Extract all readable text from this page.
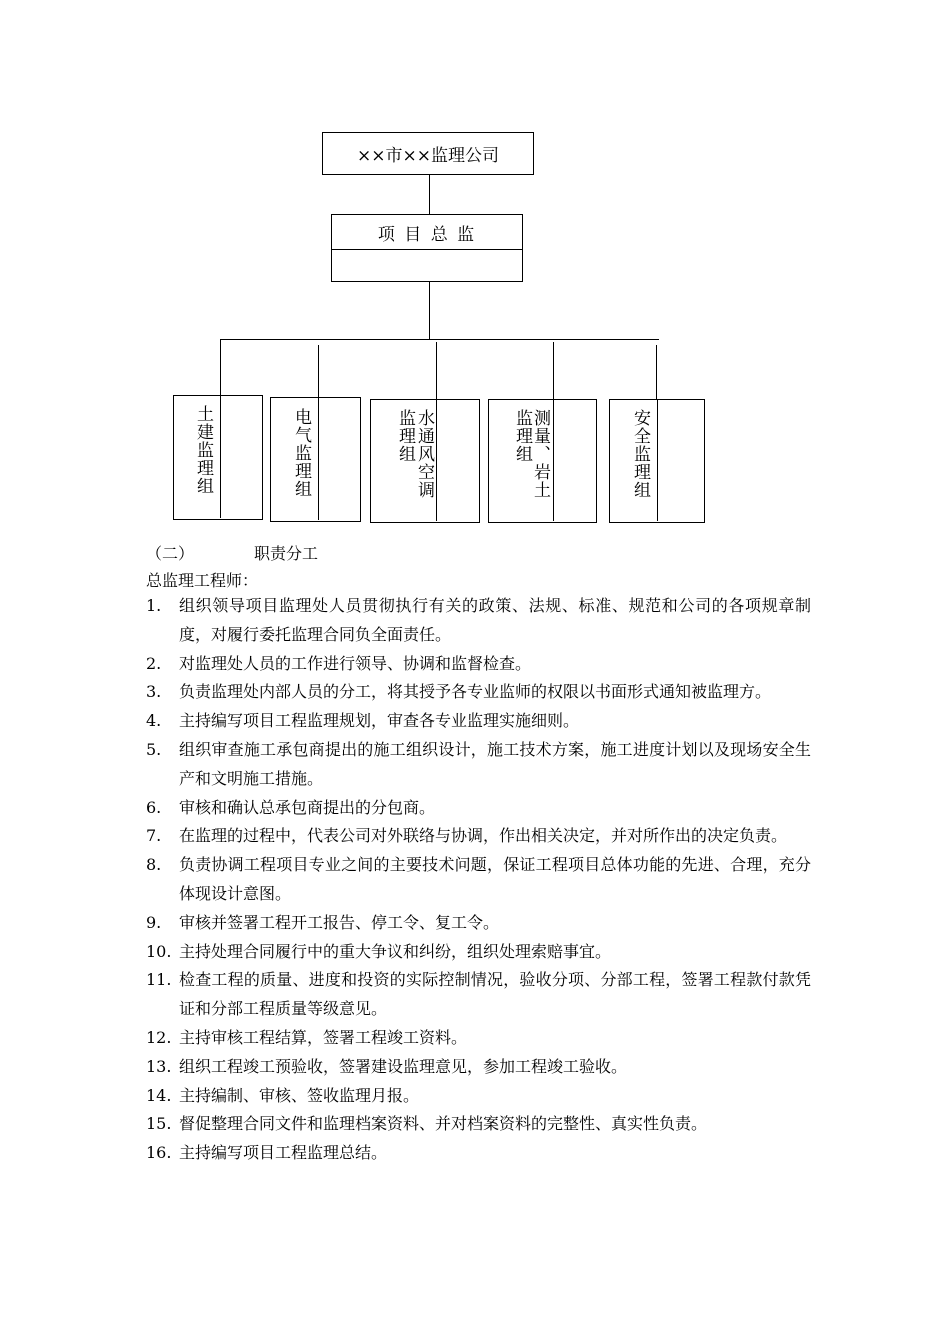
××市××监理公司
项 目 总 监
土建监理组	电气监理组	监理组 水通风空调	监理组
测量、岩土	安全监理组
（二）	职责分工
总监理工程师：
1. 组织领导项目监理处人员贯彻执行有关的政策、法规、标准、规范和公司的各项规章制度，对履行委托监理合同负全面责任。
2. 对监理处人员的工作进行领导、协调和监督检查。
3. 负责监理处内部人员的分工，将其授予各专业监师的权限以书面形式通知被监理方。
4. 主持编写项目工程监理规划，审查各专业监理实施细则。
5. 组织审查施工承包商提出的施工组织设计，施工技术方案，施工进度计划以及现场安全生产和文明施工措施。
6. 审核和确认总承包商提出的分包商。
7. 在监理的过程中，代表公司对外联络与协调，作出相关决定，并对所作出的决定负责。
8. 负责协调工程项目专业之间的主要技术问题，保证工程项目总体功能的先进、合理，充分体现设计意图。
9. 审核并签署工程开工报告、停工令、复工令。
10. 主持处理合同履行中的重大争议和纠纷，组织处理索赔事宜。
11. 检查工程的质量、进度和投资的实际控制情况，验收分项、分部工程，签署工程款付款凭证和分部工程质量等级意见。
12. 主持审核工程结算，签署工程竣工资料。
13. 组织工程竣工预验收，签署建设监理意见，参加工程竣工验收。
14. 主持编制、审核、签收监理月报。
15. 督促整理合同文件和监理档案资料、并对档案资料的完整性、真实性负责。
16. 主持编写项目工程监理总结。
